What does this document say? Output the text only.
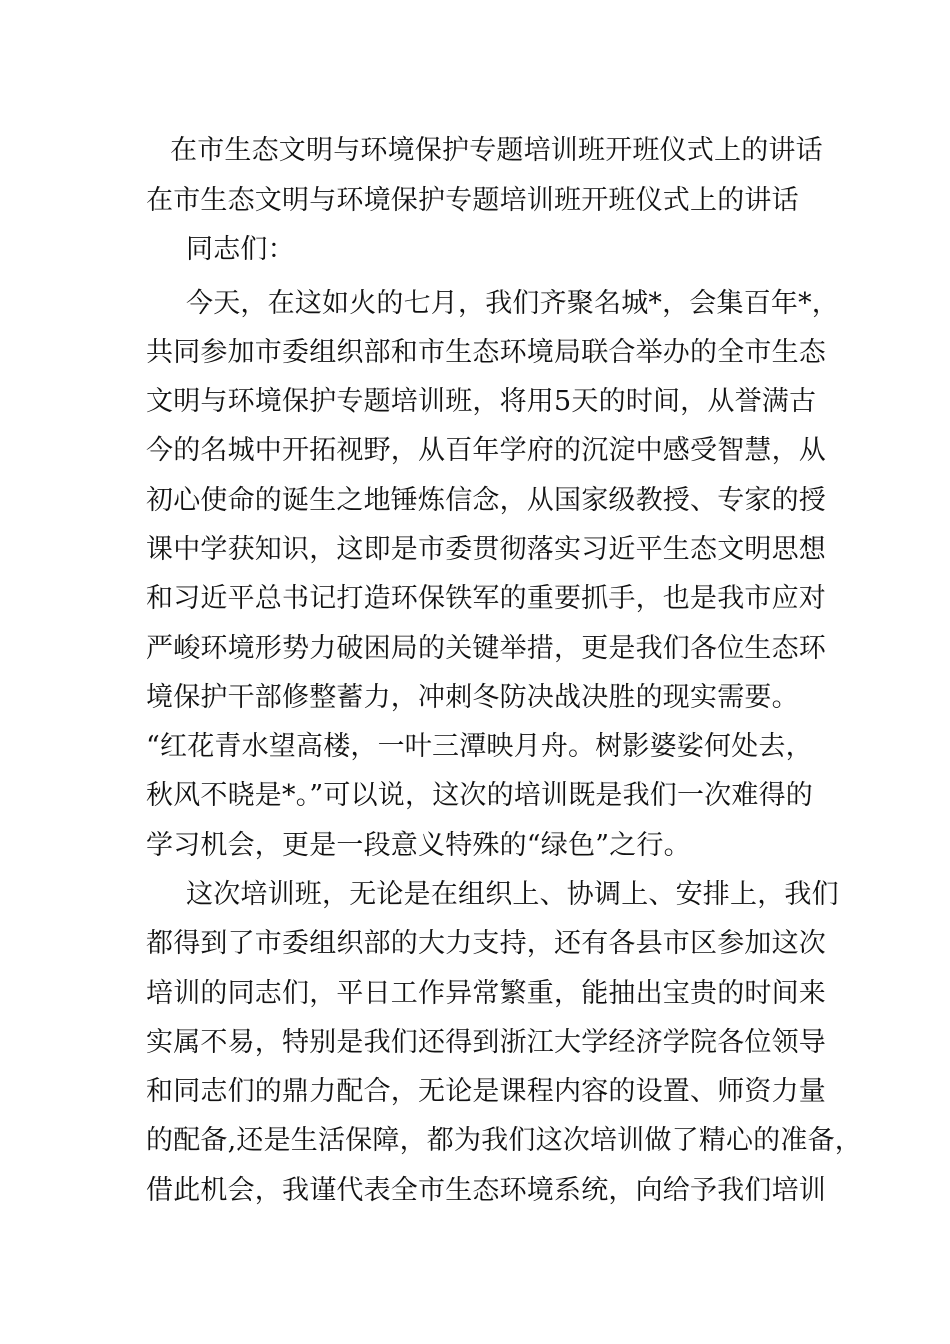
在市生态文明与环境保护专题培训班开班仪式上的讲话
在市生态文明与环境保护专题培训班开班仪式上的讲话
同志们：
今天，在这如火的七月，我们齐聚名城*，会集百年*，
共同参加市委组织部和市生态环境局联合举办的全市生态
文明与环境保护专题培训班，将用5天的时间，从誉满古
今的名城中开拓视野，从百年学府的沉淀中感受智慧，从
初心使命的诞生之地锤炼信念，从国家级教授、专家的授
课中学获知识，这即是市委贯彻落实习近平生态文明思想
和习近平总书记打造环保铁军的重要抓手，也是我市应对
严峻环境形势力破困局的关键举措，更是我们各位生态环
境保护干部修整蓄力，冲刺冬防决战决胜的现实需要。
“红花青水望高楼，一叶三潭映月舟。树影婆娑何处去，
秋风不晓是*。”可以说，这次的培训既是我们一次难得的
学习机会，更是一段意义特殊的“绿色”之行。
这次培训班，无论是在组织上、协调上、安排上，我们
都得到了市委组织部的大力支持，还有各县市区参加这次
培训的同志们，平日工作异常繁重，能抽出宝贵的时间来
实属不易，特别是我们还得到浙江大学经济学院各位领导
和同志们的鼎力配合，无论是课程内容的设置、师资力量
的配备,还是生活保障，都为我们这次培训做了精心的准备，
借此机会，我谨代表全市生态环境系统，向给予我们培训
